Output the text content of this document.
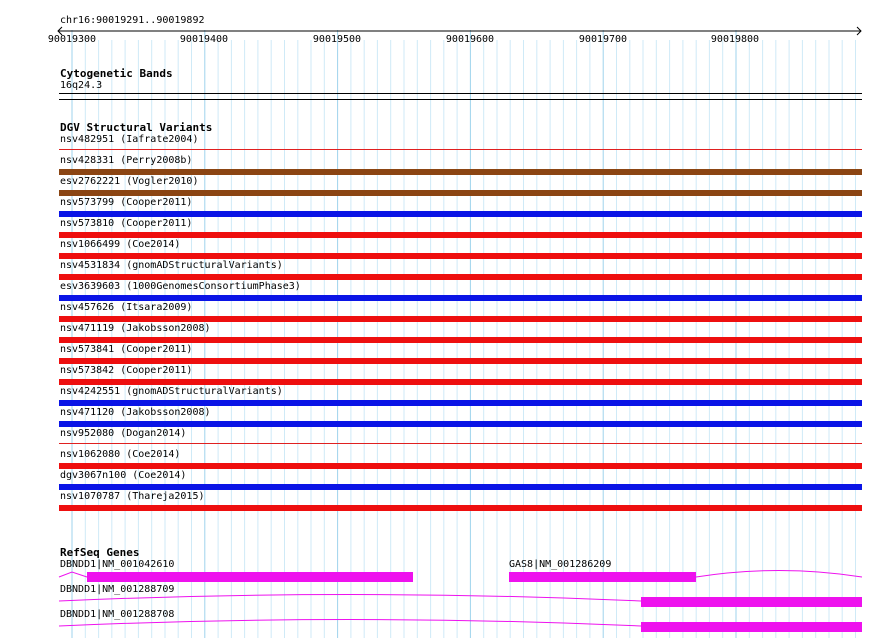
chr16:90019291..90019892
90019300	90019400	90019500	90019600	90019700	90019800
Cytogenetic Bands
16q24.3
DGV Structural Variants
nsv482951 (Iafrate2004)
nsv428331 (Perry2008b)
esv2762221 (Vogler2010)
nsv573799 (Cooper2011)
nsv573810 (Cooper2011)
nsv1066499 (Coe2014)
nsv4531834 (gnomADStructuralVariants)
esv3639603 (1000GenomesConsortiumPhase3)
nsv457626 (Itsara2009)
nsv471119 (Jakobsson2008)
nsv573841 (Cooper2011)
nsv573842 (Cooper2011)
nsv4242551 (gnomADStructuralVariants)
nsv471120 (Jakobsson2008)
nsv952080 (Dogan2014)
nsv1062080 (Coe2014)
dgv3067n100 (Coe2014)
nsv1070787 (Thareja2015)
RefSeq Genes
DBNDD1|NM_001042610	GAS8|NM_001286209
DBNDD1|NM_001288709
DBNDD1|NM_001288708
